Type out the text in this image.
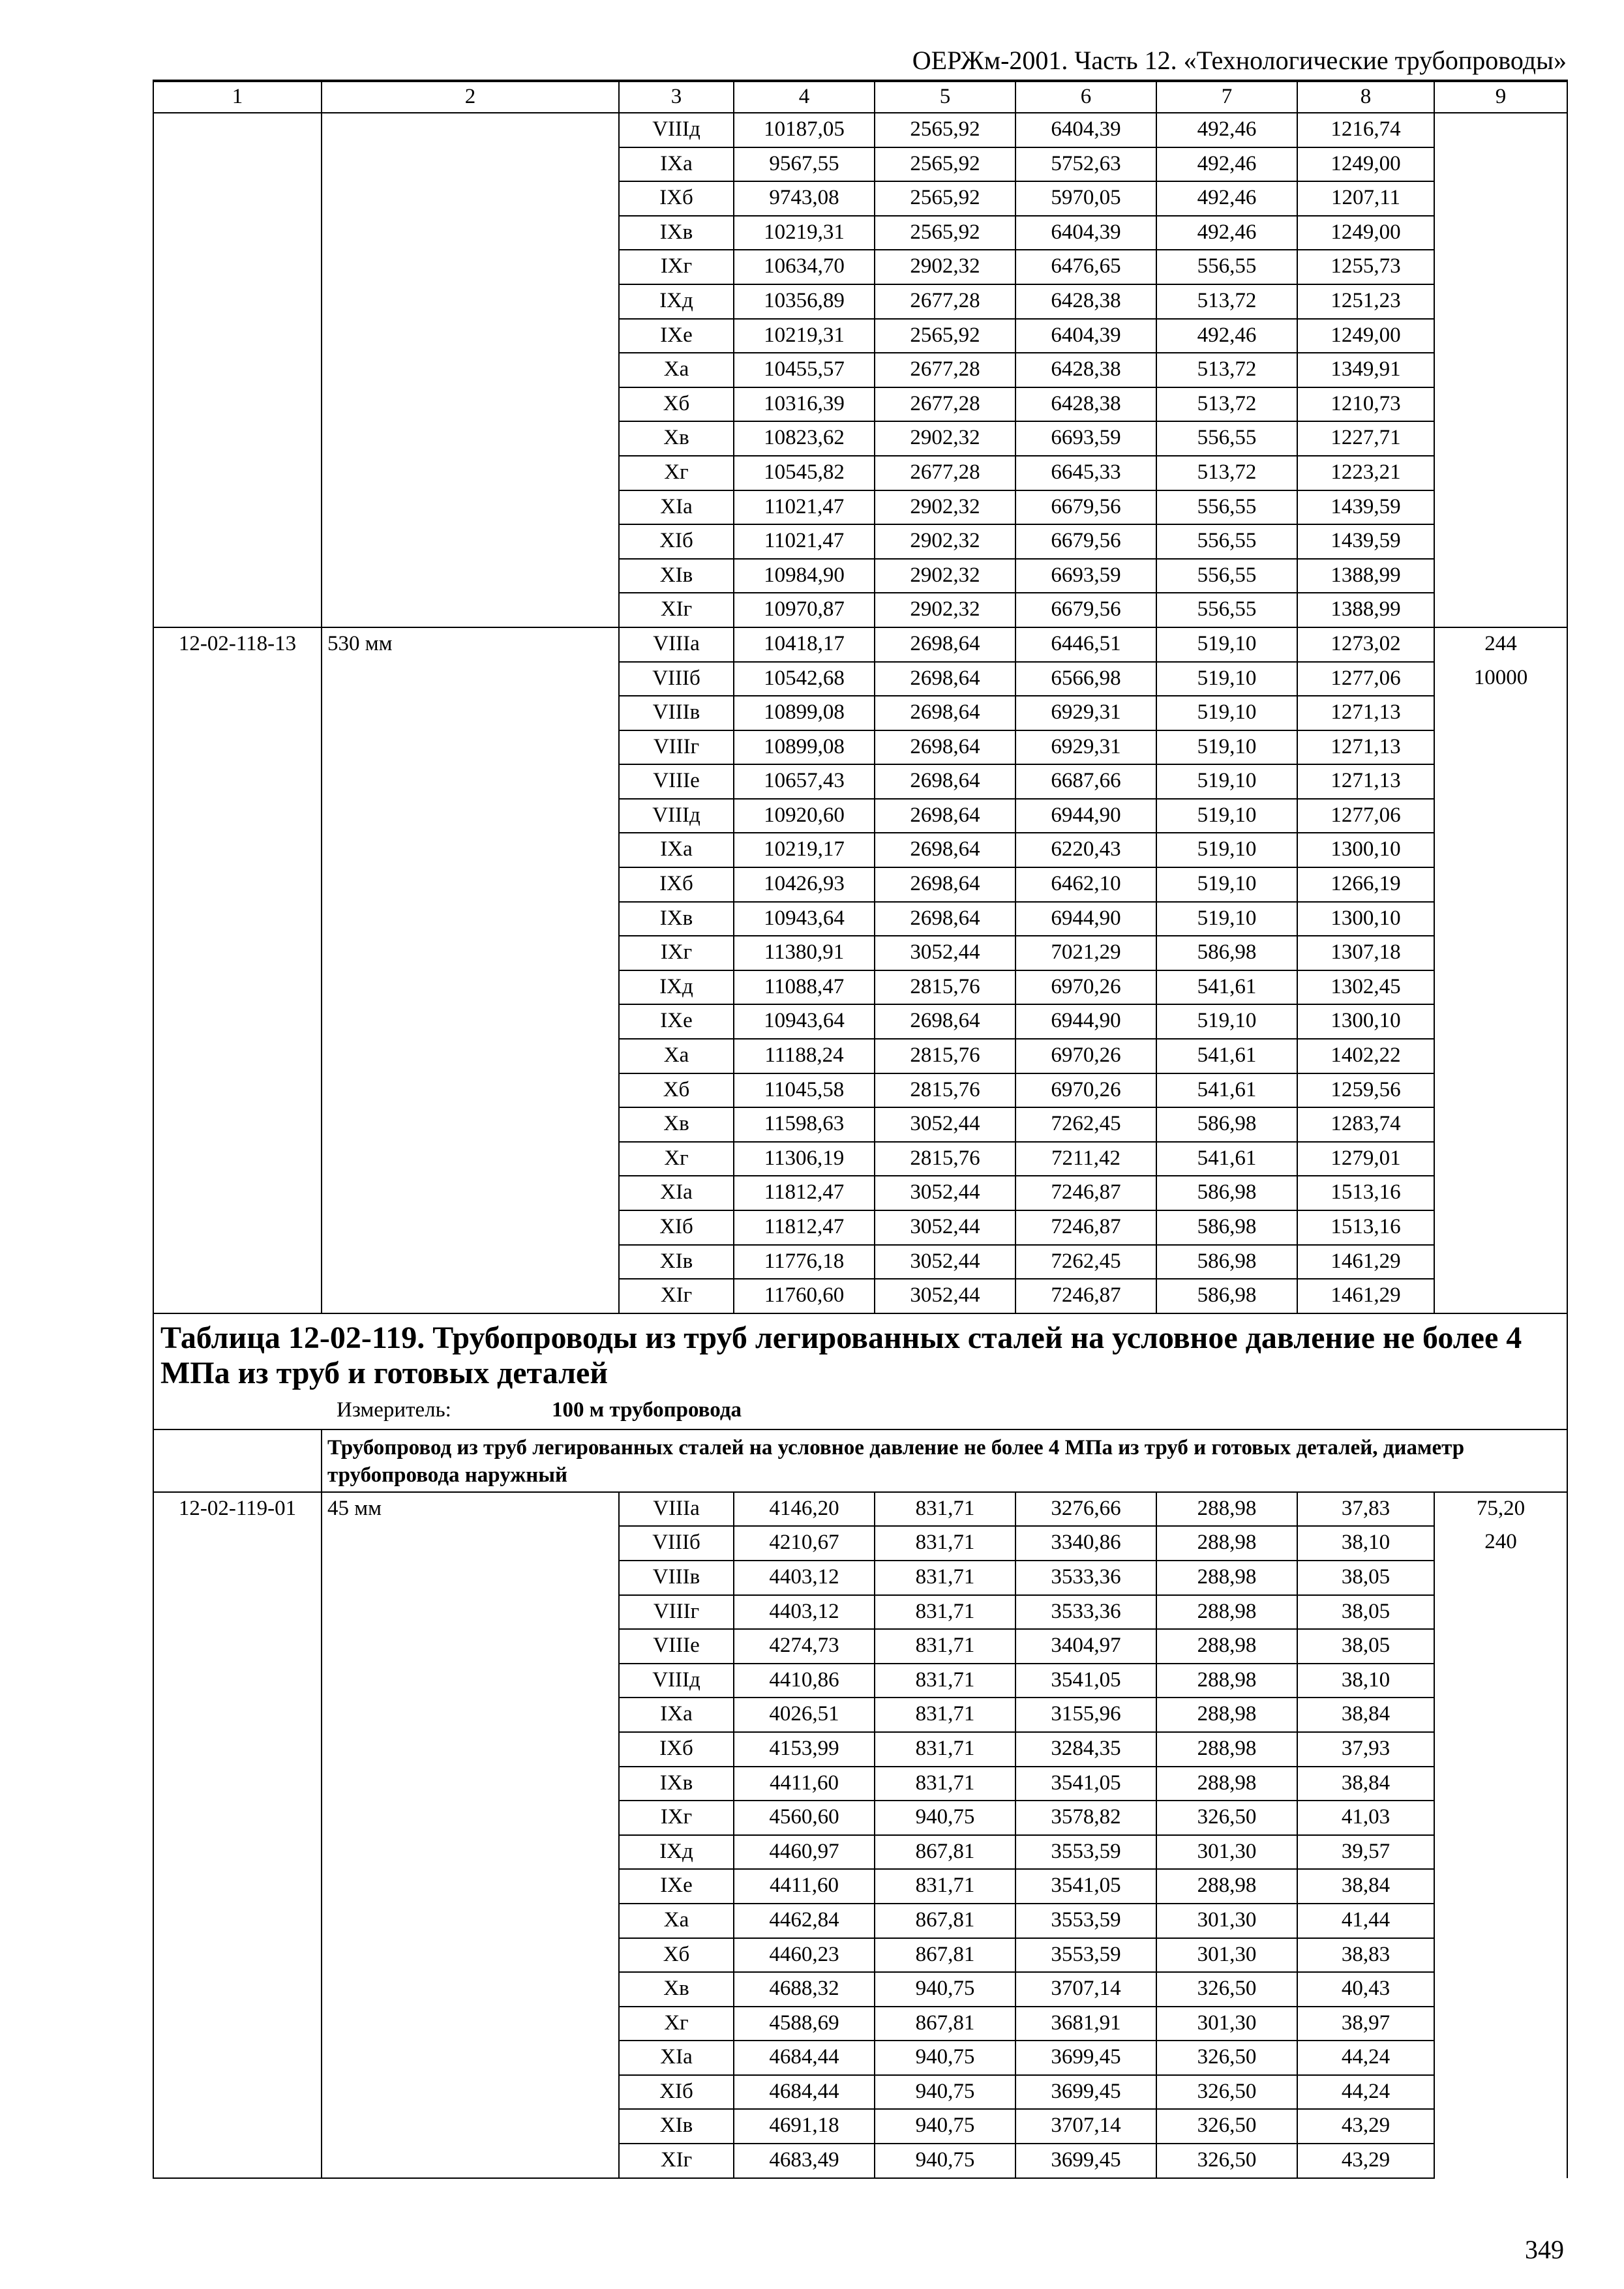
ОЕРЖм-2001. Часть 12. «Технологические трубопроводы»
1	2	3	4	5	6	7	8	9
		VIIIд	10187,05	2565,92	6404,39	492,46	1216,74	
		IXа	9567,55	2565,92	5752,63	492,46	1249,00	
		IXб	9743,08	2565,92	5970,05	492,46	1207,11	
		IXв	10219,31	2565,92	6404,39	492,46	1249,00	
		IXг	10634,70	2902,32	6476,65	556,55	1255,73	
		IXд	10356,89	2677,28	6428,38	513,72	1251,23	
		IXе	10219,31	2565,92	6404,39	492,46	1249,00	
		Xа	10455,57	2677,28	6428,38	513,72	1349,91	
		Xб	10316,39	2677,28	6428,38	513,72	1210,73	
		Xв	10823,62	2902,32	6693,59	556,55	1227,71	
		Xг	10545,82	2677,28	6645,33	513,72	1223,21	
		XIа	11021,47	2902,32	6679,56	556,55	1439,59	
		XIб	11021,47	2902,32	6679,56	556,55	1439,59	
		XIв	10984,90	2902,32	6693,59	556,55	1388,99	
		XIг	10970,87	2902,32	6679,56	556,55	1388,99	
12-02-118-13	530 мм	VIIIа	10418,17	2698,64	6446,51	519,10	1273,02	244
		VIIIб	10542,68	2698,64	6566,98	519,10	1277,06	10000
		VIIIв	10899,08	2698,64	6929,31	519,10	1271,13	
		VIIIг	10899,08	2698,64	6929,31	519,10	1271,13	
		VIIIе	10657,43	2698,64	6687,66	519,10	1271,13	
		VIIIд	10920,60	2698,64	6944,90	519,10	1277,06	
		IXа	10219,17	2698,64	6220,43	519,10	1300,10	
		IXб	10426,93	2698,64	6462,10	519,10	1266,19	
		IXв	10943,64	2698,64	6944,90	519,10	1300,10	
		IXг	11380,91	3052,44	7021,29	586,98	1307,18	
		IXд	11088,47	2815,76	6970,26	541,61	1302,45	
		IXе	10943,64	2698,64	6944,90	519,10	1300,10	
		Xа	11188,24	2815,76	6970,26	541,61	1402,22	
		Xб	11045,58	2815,76	6970,26	541,61	1259,56	
		Xв	11598,63	3052,44	7262,45	586,98	1283,74	
		Xг	11306,19	2815,76	7211,42	541,61	1279,01	
		XIа	11812,47	3052,44	7246,87	586,98	1513,16	
		XIб	11812,47	3052,44	7246,87	586,98	1513,16	
		XIв	11776,18	3052,44	7262,45	586,98	1461,29	
		XIг	11760,60	3052,44	7246,87	586,98	1461,29	

Таблица 12-02-119. Трубопроводы из труб легированных сталей на условное давление не более 4 МПа из труб и готовых деталей
Измеритель: 100 м трубопровода								

	Трубопровод из труб легированных сталей на условное давление не более 4 МПа из труб и готовых деталей, диаметр трубопровода наружный							
12-02-119-01	45 мм	VIIIа	4146,20	831,71	3276,66	288,98	37,83	75,20
		VIIIб	4210,67	831,71	3340,86	288,98	38,10	240
		VIIIв	4403,12	831,71	3533,36	288,98	38,05	
		VIIIг	4403,12	831,71	3533,36	288,98	38,05	
		VIIIе	4274,73	831,71	3404,97	288,98	38,05	
		VIIIд	4410,86	831,71	3541,05	288,98	38,10	
		IXа	4026,51	831,71	3155,96	288,98	38,84	
		IXб	4153,99	831,71	3284,35	288,98	37,93	
		IXв	4411,60	831,71	3541,05	288,98	38,84	
		IXг	4560,60	940,75	3578,82	326,50	41,03	
		IXд	4460,97	867,81	3553,59	301,30	39,57	
		IXе	4411,60	831,71	3541,05	288,98	38,84	
		Xа	4462,84	867,81	3553,59	301,30	41,44	
		Xб	4460,23	867,81	3553,59	301,30	38,83	
		Xв	4688,32	940,75	3707,14	326,50	40,43	
		Xг	4588,69	867,81	3681,91	301,30	38,97	
		XIа	4684,44	940,75	3699,45	326,50	44,24	
		XIб	4684,44	940,75	3699,45	326,50	44,24	
		XIв	4691,18	940,75	3707,14	326,50	43,29	
		XIг	4683,49	940,75	3699,45	326,50	43,29	
349
